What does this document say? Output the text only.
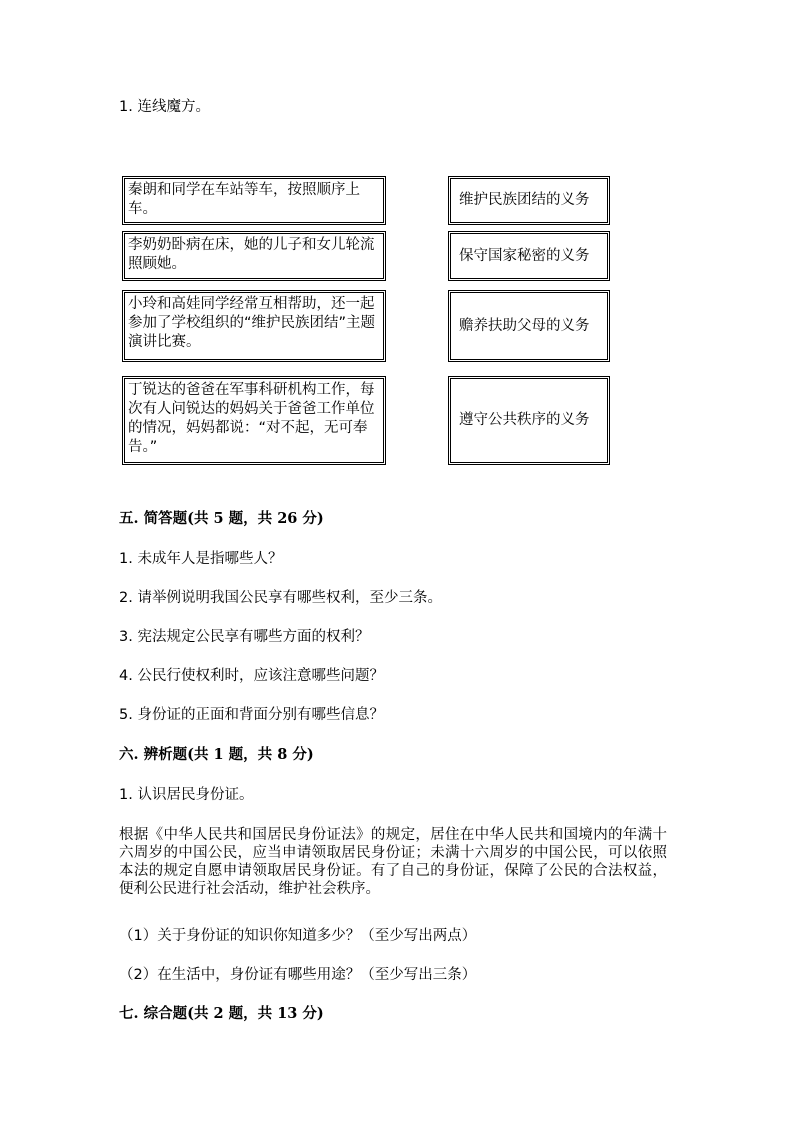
1. 连线魔方。
秦朗和同学在车站等车，按照顺序上车。
李奶奶卧病在床，她的儿子和女儿轮流照顾她。
小玲和高娃同学经常互相帮助，还一起参加了学校组织的“维护民族团结”主题演讲比赛。
丁锐达的爸爸在军事科研机构工作，每次有人问锐达的妈妈关于爸爸工作单位的情况，妈妈都说：“对不起，无可奉告。”
维护民族团结的义务
保守国家秘密的义务
赡养扶助父母的义务
遵守公共秩序的义务
五. 简答题(共 5 题，共 26 分)
1. 未成年人是指哪些人？
2. 请举例说明我国公民享有哪些权利，至少三条。
3. 宪法规定公民享有哪些方面的权利？
4. 公民行使权利时，应该注意哪些问题？
5. 身份证的正面和背面分别有哪些信息？
六. 辨析题(共 1 题，共 8 分)
1. 认识居民身份证。
根据《中华人民共和国居民身份证法》的规定，居住在中华人民共和国境内的年满十六周岁的中国公民，应当申请领取居民身份证；未满十六周岁的中国公民，可以依照本法的规定自愿申请领取居民身份证。有了自己的身份证，保障了公民的合法权益，便利公民进行社会活动，维护社会秩序。
（1）关于身份证的知识你知道多少？（至少写出两点）
（2）在生活中，身份证有哪些用途？（至少写出三条）
七. 综合题(共 2 题，共 13 分)
